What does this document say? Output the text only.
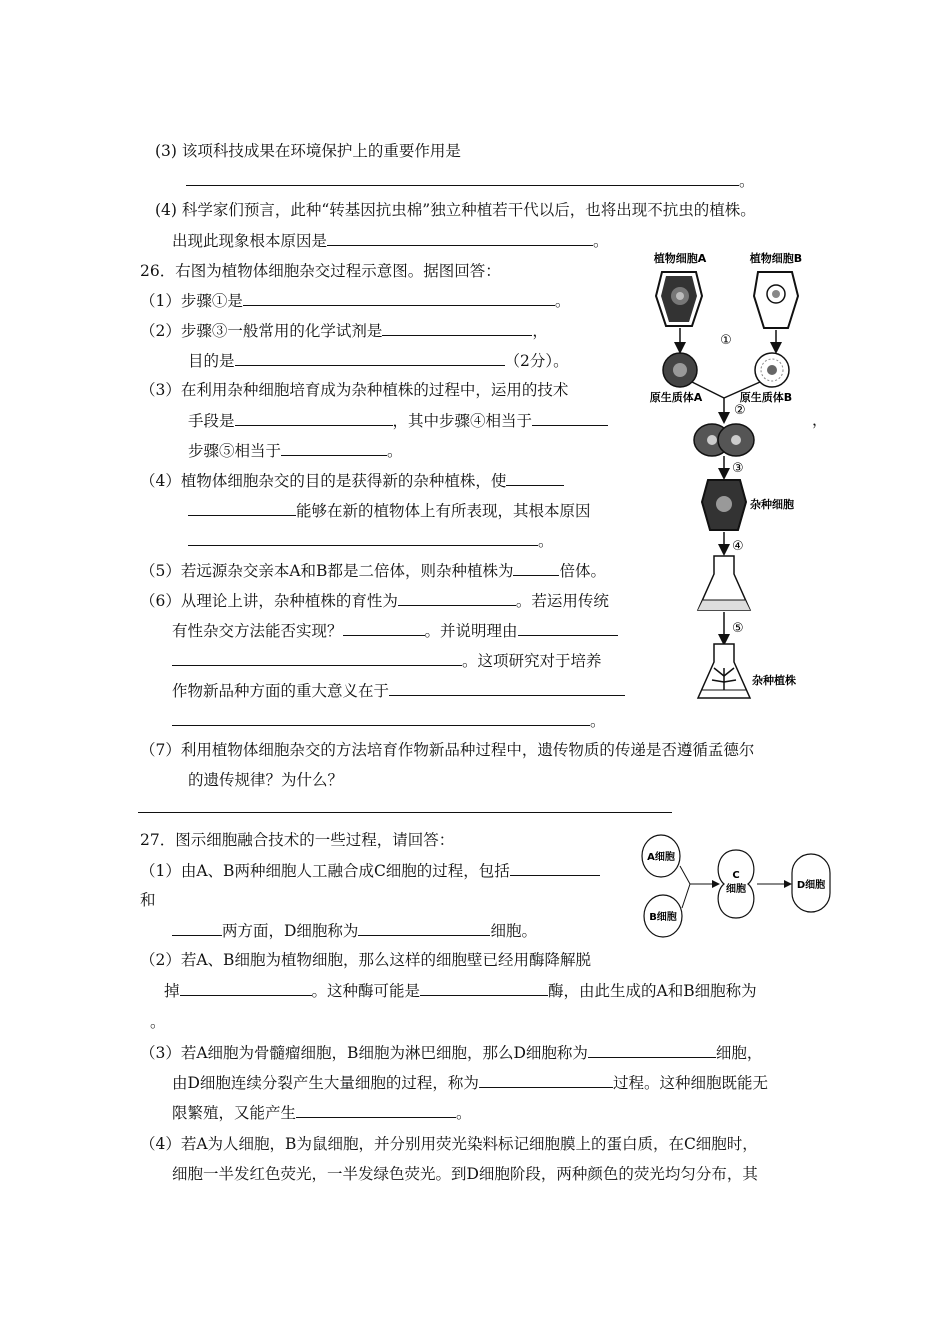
(3) 该项科技成果在环境保护上的重要作用是
。
(4) 科学家们预言，此种“转基因抗虫棉”独立种植若干代以后，也将出现不抗虫的植株。
出现此现象根本原因是	。
26．右图为植物体细胞杂交过程示意图。据图回答：
（1）步骤①是	。
（2）步骤③一般常用的化学试剂是	，
目的是	（2分）。
（3）在利用杂种细胞培育成为杂种植株的过程中，运用的技术
手段是	，其中步骤④相当于	，
步骤⑤相当于	。
（4）植物体细胞杂交的目的是获得新的杂种植株，使
能够在新的植物体上有所表现，其根本原因
。
（5）若远源杂交亲本A和B都是二倍体，则杂种植株为	倍体。
（6）从理论上讲，杂种植株的育性为	。若运用传统
有性杂交方法能否实现？	。并说明理由
。这项研究对于培养
作物新品种方面的重大意义在于
。
（7）利用植物体细胞杂交的方法培育作物新品种过程中，遗传物质的传递是否遵循孟德尔
的遗传规律？为什么？
植物细胞A	植物细胞B
①
原生质体A	原生质体B
②
③
杂种细胞
④
⑤
杂种植株
27．图示细胞融合技术的一些过程，请回答：
（1）由A、B两种细胞人工融合成C细胞的过程，包括
和
两方面，D细胞称为	细胞。
（2）若A、B细胞为植物细胞，那么这样的细胞壁已经用酶降解脱
掉	。这种酶可能是	酶，由此生成的A和B细胞称为
。
（3）若A细胞为骨髓瘤细胞，B细胞为淋巴细胞，那么D细胞称为	细胞，
由D细胞连续分裂产生大量细胞的过程，称为	过程。这种细胞既能无
限繁殖，又能产生	。
（4）若A为人细胞，B为鼠细胞，并分别用荧光染料标记细胞膜上的蛋白质，在C细胞时，
细胞一半发红色荧光，一半发绿色荧光。到D细胞阶段，两种颜色的荧光均匀分布，其
A细胞
B细胞
C
细胞	D细胞
